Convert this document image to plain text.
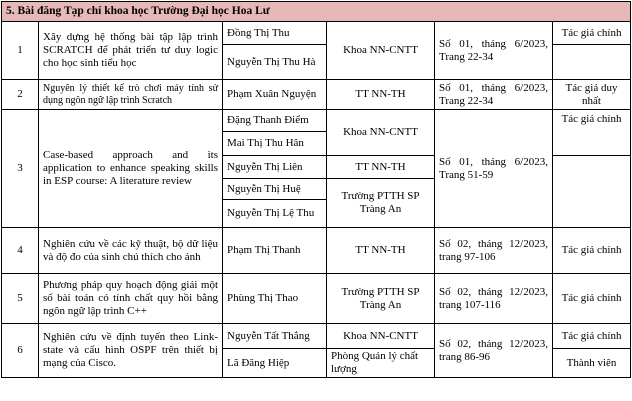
5. Bài đăng Tạp chí khoa học Trường Đại học Hoa Lư					
1	Xây dựng hệ thống bài tập lập trình SCRATCH để phát triển tư duy logic cho học sinh tiểu học	Đồng Thị Thu	Khoa NN-CNTT	Số 01, tháng 6/2023, Trang 22-34	Tác giả chính
		Nguyễn Thị Thu Hà			
2	Nguyên lý thiết kế trò chơi máy tính sử dụng ngôn ngữ lập trình Scratch	Phạm Xuân Nguyện	TT NN-TH	Số 01, tháng 6/2023, Trang 22-34	Tác giả duy nhất
3	Case-based approach and its application to enhance speaking skills in ESP course: A literature review	Đặng Thanh Điểm	Khoa NN-CNTT	Số 01, tháng 6/2023, Trang 51-59	Tác giả chính
		Mai Thị Thu Hân			
		Nguyễn Thị Liên	TT NN-TH		
		Nguyễn Thị Huệ	Trường PTTH SP Tràng An		
		Nguyễn Thị Lệ Thu			
4	Nghiên cứu về các kỹ thuật, bộ dữ liệu và độ đo của sinh chú thích cho ảnh	Phạm Thị Thanh	TT NN-TH	Số 02, tháng 12/2023, trang 97-106	Tác giả chính
5	Phương pháp quy hoạch động giải một số bài toán có tính chất quy hồi bằng ngôn ngữ lập trình C++	Phùng Thị Thao	Trường PTTH SP Tràng An	Số 02, tháng 12/2023, trang 107-116	Tác giả chính
6	Nghiên cứu về định tuyến theo Link-state và cấu hình OSPF trên thiết bị mạng của Cisco.	Nguyễn Tất Thắng	Khoa NN-CNTT	Số 02, tháng 12/2023, trang 86-96	Tác giả chính
		Lã Đăng Hiệp	Phòng Quản lý chất lượng		Thành viên
